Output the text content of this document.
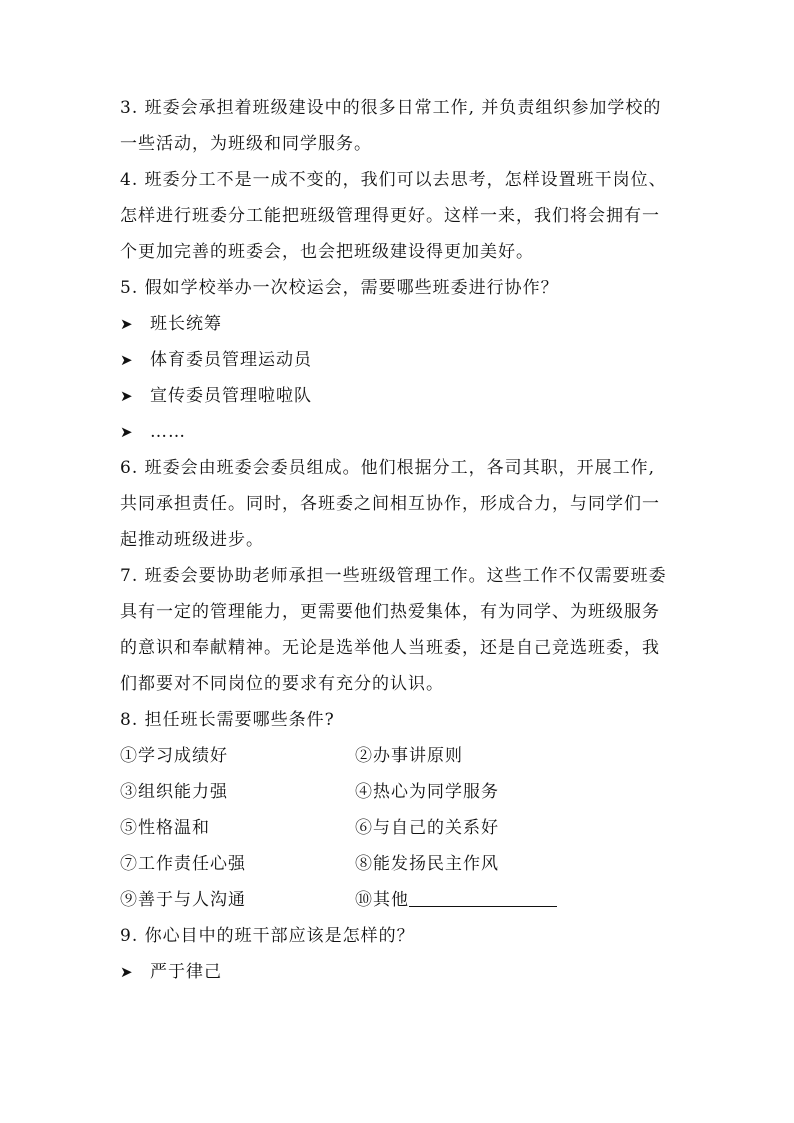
3. 班委会承担着班级建设中的很多日常工作, 并负责组织参加学校的
一些活动，为班级和同学服务。
4. 班委分工不是一成不变的，我们可以去思考，怎样设置班干岗位、
怎样进行班委分工能把班级管理得更好。这样一来，我们将会拥有一
个更加完善的班委会，也会把班级建设得更加美好。
5. 假如学校举办一次校运会，需要哪些班委进行协作？
➤ 班长统筹
➤ 体育委员管理运动员
➤ 宣传委员管理啦啦队
➤ ……
6. 班委会由班委会委员组成。他们根据分工，各司其职，开展工作,
共同承担责任。同时，各班委之间相互协作，形成合力，与同学们一
起推动班级进步。
7. 班委会要协助老师承担一些班级管理工作。这些工作不仅需要班委
具有一定的管理能力，更需要他们热爱集体，有为同学、为班级服务
的意识和奉献精神。无论是选举他人当班委，还是自己竞选班委，我
们都要对不同岗位的要求有充分的认识。
8. 担任班长需要哪些条件?
①学习成绩好	②办事讲原则
③组织能力强	④热心为同学服务
⑤性格温和	⑥与自己的关系好
⑦工作责任心强	⑧能发扬民主作风
⑨善于与人沟通	⑩其他
9. 你心目中的班干部应该是怎样的？
➤ 严于律己
